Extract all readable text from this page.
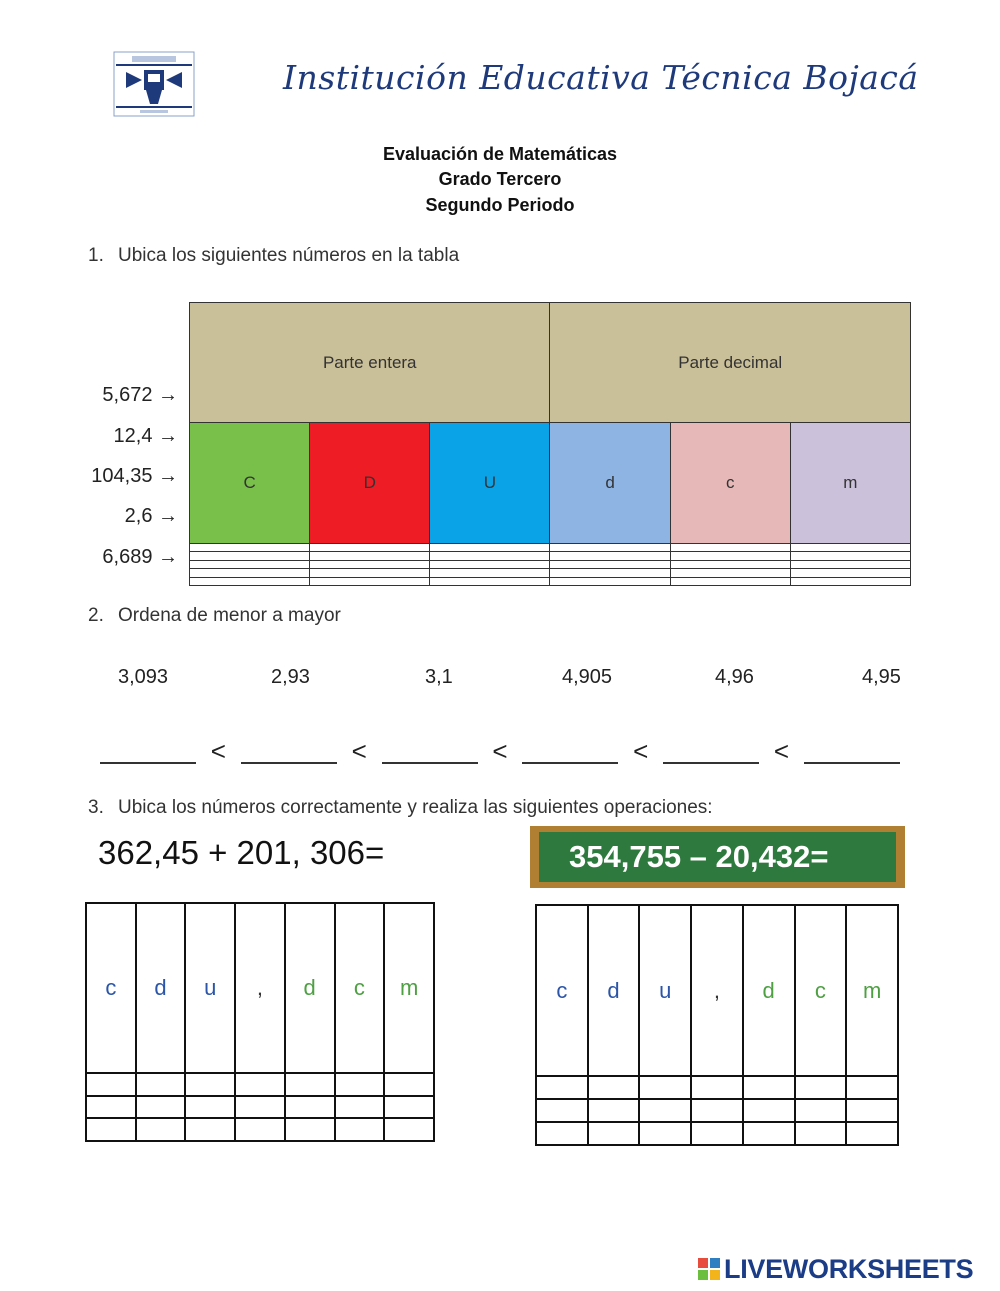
Institución Educativa Técnica Bojacá
Evaluación de Matemáticas
Grado Tercero
Segundo Periodo
1. Ubica los siguientes números en la tabla
Parte entera			Parte decimal		
C	D	U	d	c	m

5,672 →
12,4 →
104,35 →
2,6 →
6,689 →
2. Ordena de menor a mayor
3,093	2,93	3,1	4,905	4,96	4,95
<	<	<	<	<
3. Ubica los números correctamente y realiza las siguientes operaciones:
362,45 + 201, 306=	354,755 – 20,432=
c	d	u	,	d	c	m

							c	d	u	,	d	c	m

LIVEWORKSHEETS
